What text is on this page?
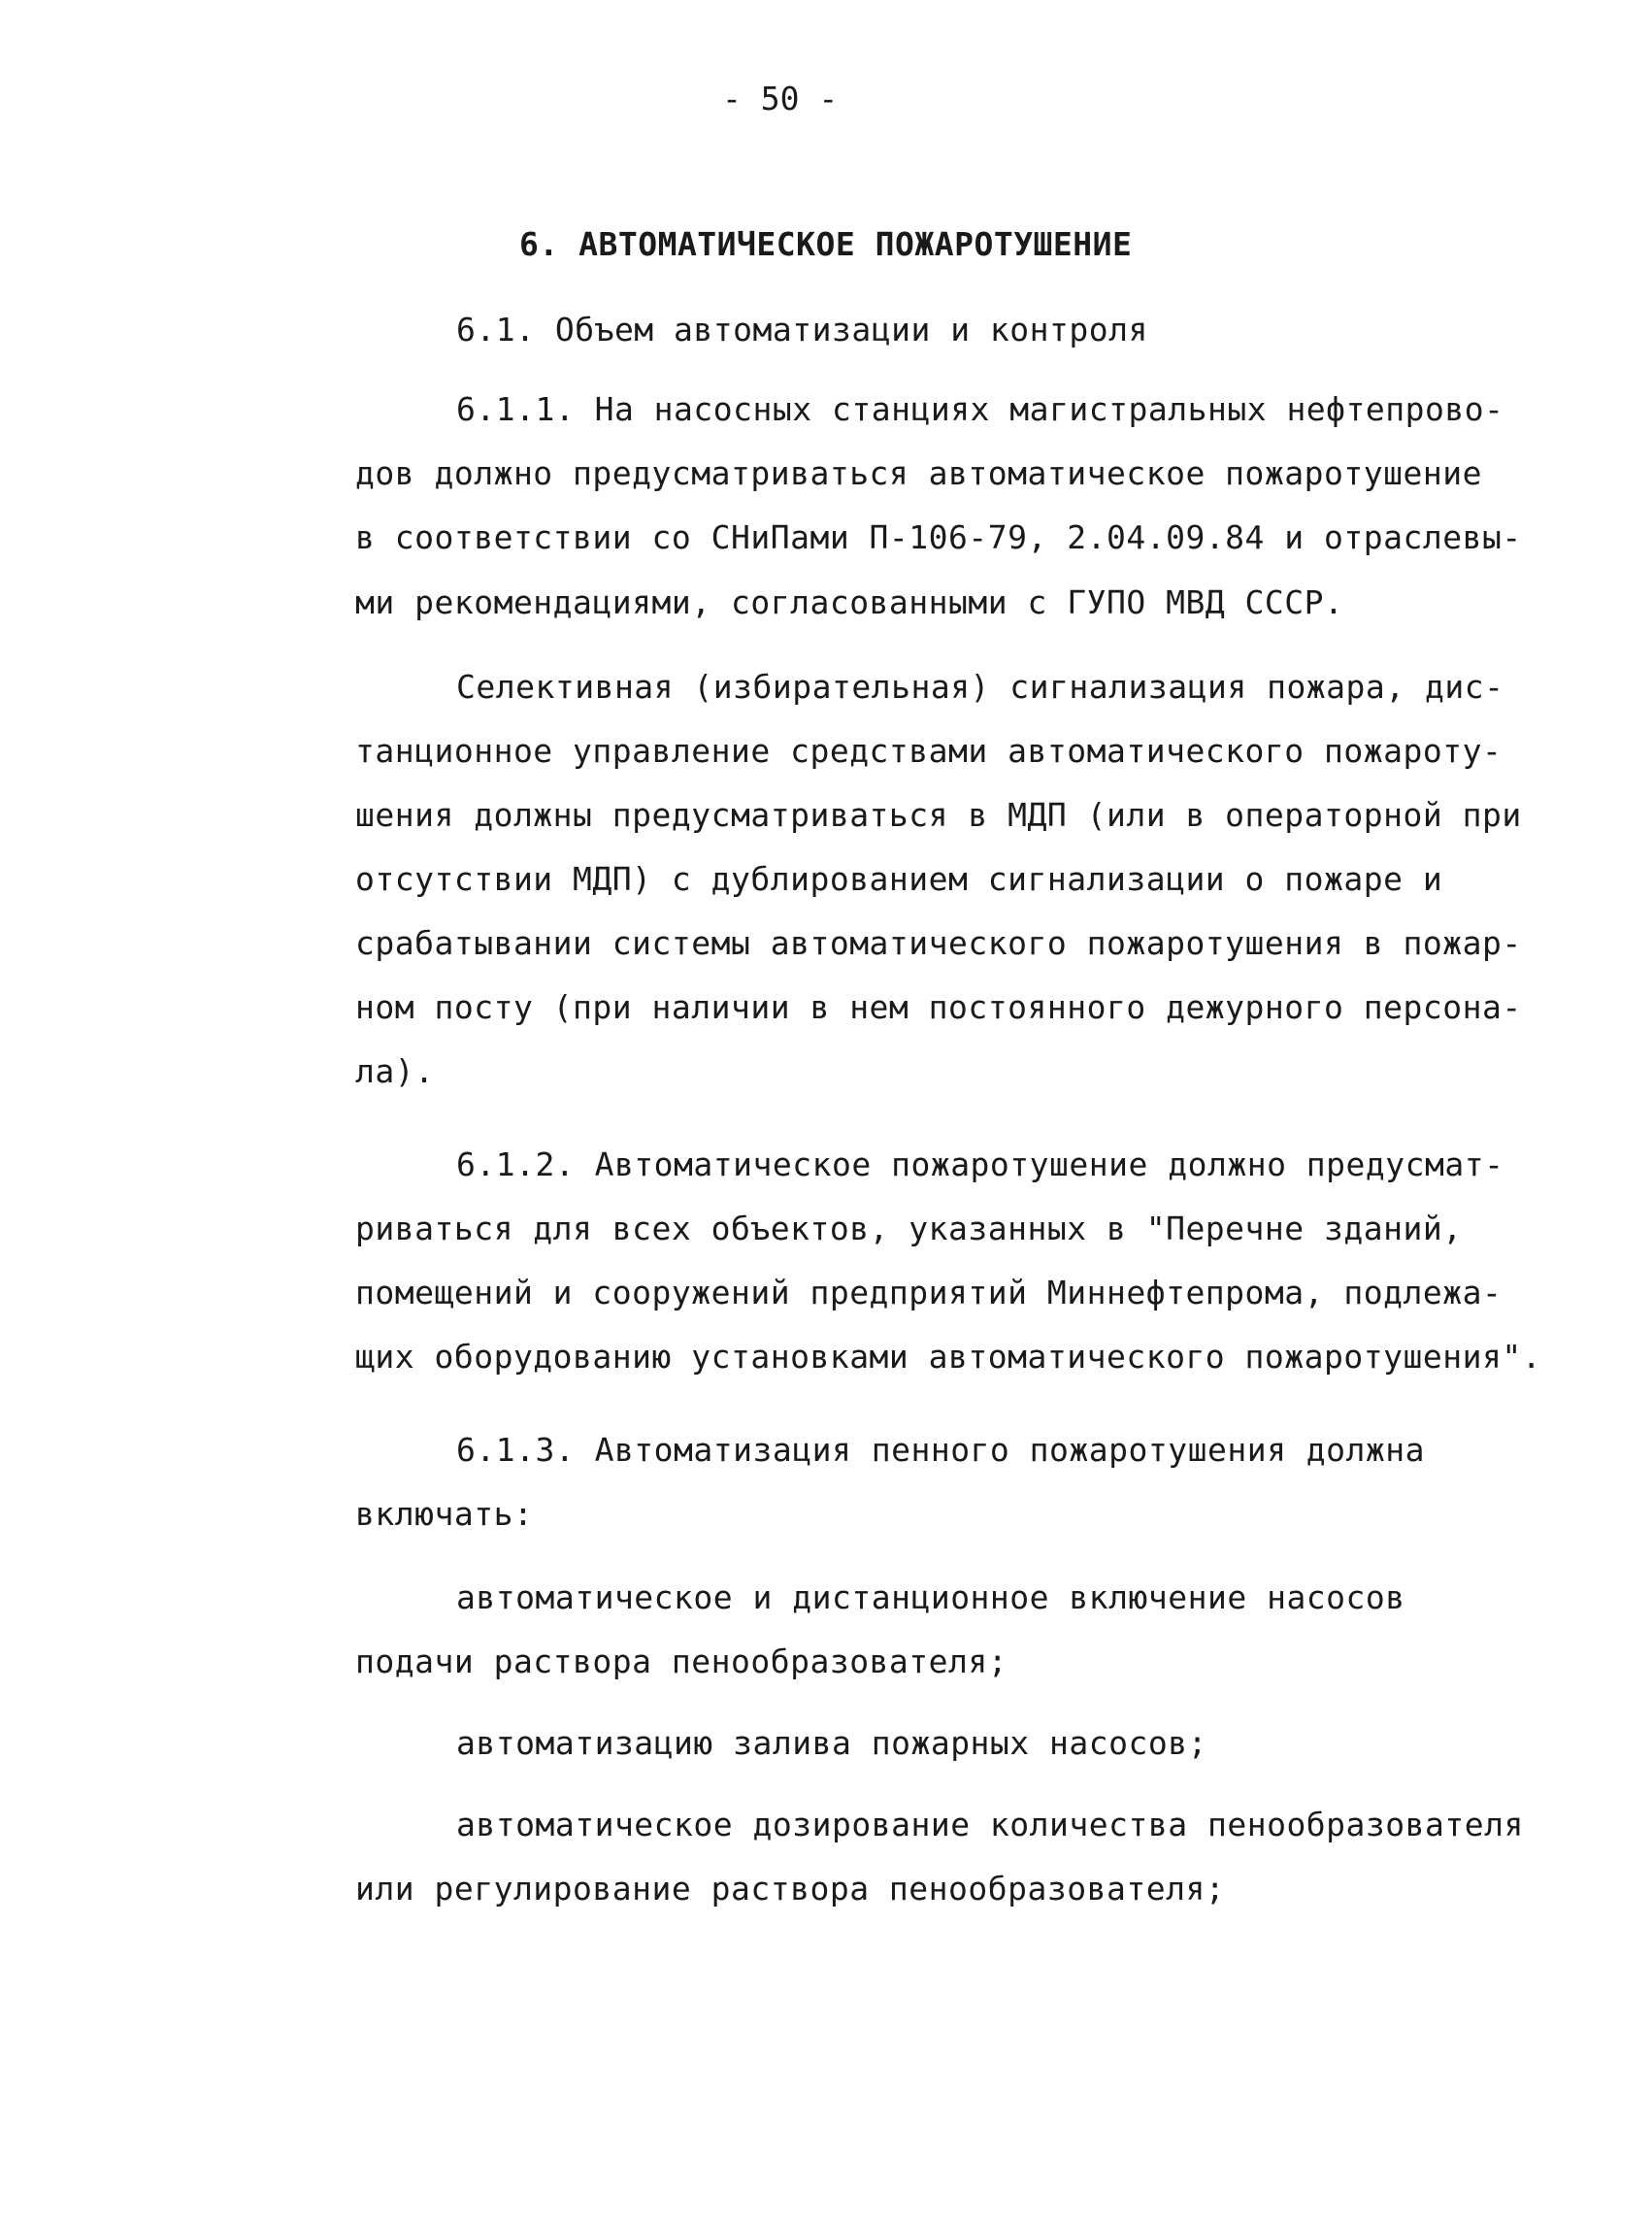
- 50 -
6. АВТОМАТИЧЕСКОЕ ПОЖАРОТУШЕНИЕ
6.1. Объем автоматизации и контроля
6.1.1. На насосных станциях магистральных нефтепрово-
дов должно предусматриваться автоматическое пожаротушение
в соответствии со СНиПами П-106-79, 2.04.09.84 и отраслевы-
ми рекомендациями, согласованными с ГУПО МВД СССР.
Селективная (избирательная) сигнализация пожара, дис-
танционное управление средствами автоматического пожароту-
шения должны предусматриваться в МДП (или в операторной при
отсутствии МДП) с дублированием сигнализации о пожаре и
срабатывании системы автоматического пожаротушения в пожар-
ном посту (при наличии в нем постоянного дежурного персона-
ла).
6.1.2. Автоматическое пожаротушение должно предусмат-
риваться для всех объектов, указанных в "Перечне зданий,
помещений и сооружений предприятий Миннефтепрома, подлежа-
щих оборудованию установками автоматического пожаротушения".
6.1.3. Автоматизация пенного пожаротушения должна
включать:
автоматическое и дистанционное включение насосов
подачи раствора пенообразователя;
автоматизацию залива пожарных насосов;
автоматическое дозирование количества пенообразователя
или регулирование раствора пенообразователя;
